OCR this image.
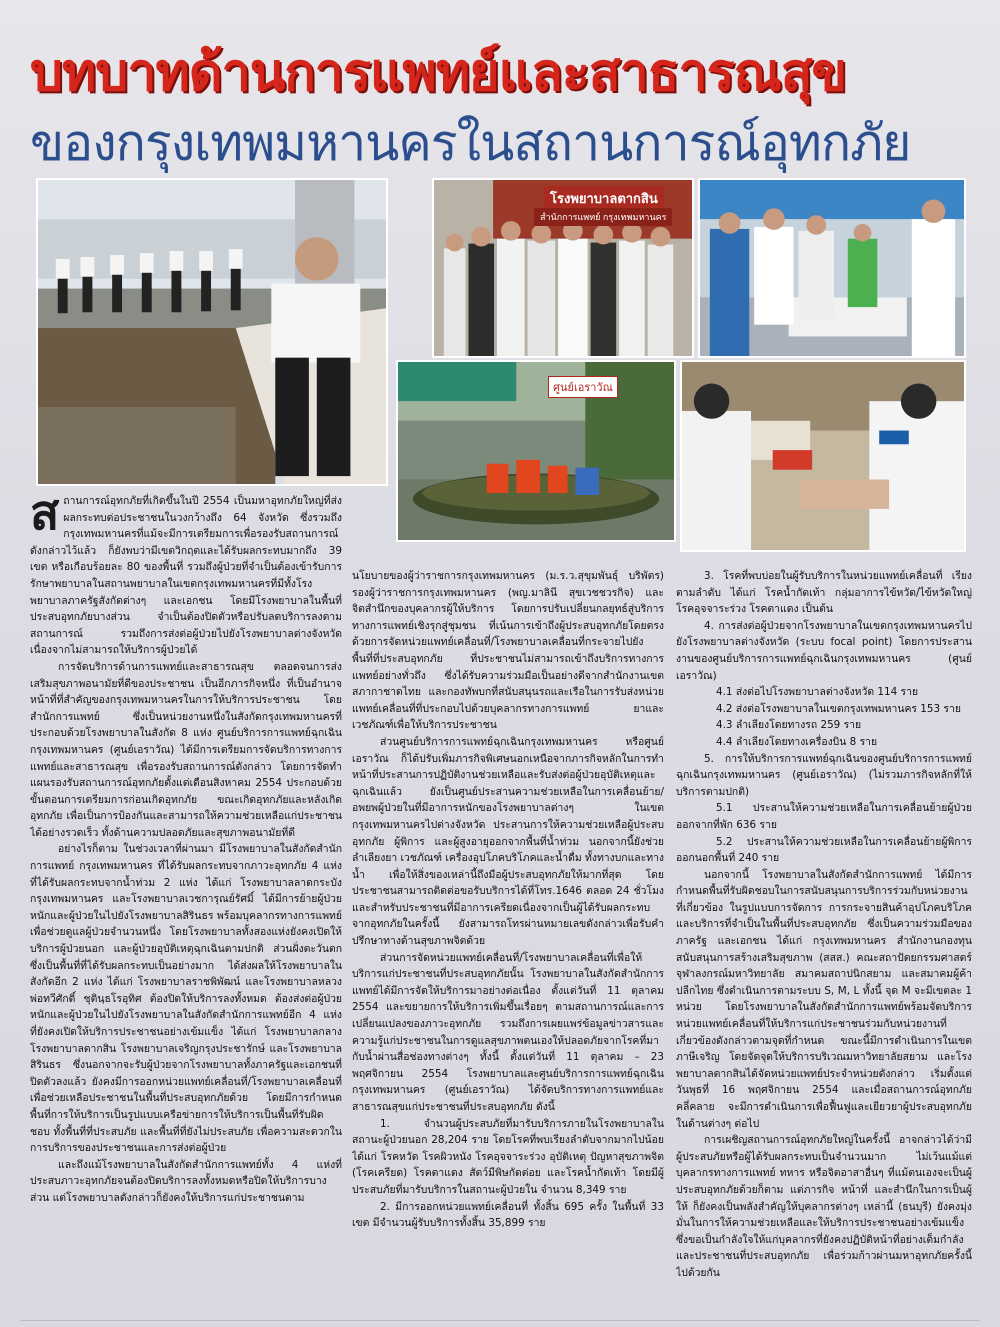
บทบาทด้านการแพทย์และสาธารณสุข
ของกรุงเทพมหานครในสถานการณ์อุทกภัย
โรงพยาบาลตากสิน
สำนักการแพทย์ กรุงเทพมหานคร
ศูนย์เอราวัณ

สถานการณ์อุทกภัยที่เกิดขึ้นในปี 2554 เป็นมหาอุทกภัยใหญ่ที่ส่งผลกระทบต่อประชาชนในวงกว้างถึง 64 จังหวัด ซึ่งรวมถึงกรุงเทพมหานครที่แม้จะมีการเตรียมการเพื่อรองรับสถานการณ์ดังกล่าวไว้แล้ว ก็ยังพบว่ามีเขตวิกฤตและได้รับผลกระทบมากถึง 39 เขต หรือเกือบร้อยละ 80 ของพื้นที่ รวมถึงผู้ป่วยที่จำเป็นต้องเข้ารับการรักษาพยาบาลในสถานพยาบาลในเขตกรุงเทพมหานครที่มีทั้งโรงพยาบาลภาครัฐสังกัดต่างๆ และเอกชน โดยมีโรงพยาบาลในพื้นที่ประสบอุทกภัยบางส่วน จำเป็นต้องปิดตัวหรือปรับลดบริการลงตามสถานการณ์ รวมถึงการส่งต่อผู้ป่วยไปยังโรงพยาบาลต่างจังหวัด เนื่องจากไม่สามารถให้บริการผู้ป่วยได้

การจัดบริการด้านการแพทย์และสาธารณสุข ตลอดจนการส่งเสริมสุขภาพอนามัยที่ดีของประชาชน เป็นอีกภารกิจหนึ่ง ที่เป็นอำนาจหน้าที่ที่สำคัญของกรุงเทพมหานครในการให้บริการประชาชน โดยสำนักการแพทย์ ซึ่งเป็นหน่วยงานหนึ่งในสังกัดกรุงเทพมหานครที่ประกอบด้วยโรงพยาบาลในสังกัด 8 แห่ง ศูนย์บริการการแพทย์ฉุกเฉินกรุงเทพมหานคร (ศูนย์เอราวัณ) ได้มีการเตรียมการจัดบริการทางการแพทย์และสาธารณสุข เพื่อรองรับสถานการณ์ดังกล่าว โดยการจัดทำแผนรองรับสถานการณ์อุทกภัยตั้งแต่เดือนสิงหาคม 2554 ประกอบด้วยขั้นตอนการเตรียมการก่อนเกิดอุทกภัย ขณะเกิดอุทกภัยและหลังเกิดอุทกภัย เพื่อเป็นการป้องกันและสามารถให้ความช่วยเหลือแก่ประชาชนได้อย่างรวดเร็ว ทั้งด้านความปลอดภัยและสุขภาพอนามัยที่ดี

อย่างไรก็ตาม ในช่วงเวลาที่ผ่านมา มีโรงพยาบาลในสังกัดสำนักการแพทย์ กรุงเทพมหานคร ที่ได้รับผลกระทบจากภาวะอุทกภัย 4 แห่ง ที่ได้รับผลกระทบจากน้ำท่วม 2 แห่ง ได้แก่ โรงพยาบาลลาดกระบังกรุงเทพมหานคร และโรงพยาบาลเวชการุณย์รัศมิ์ ได้มีการย้ายผู้ป่วยหนักและผู้ป่วยในไปยังโรงพยาบาลสิรินธร พร้อมบุคลากรทางการแพทย์เพื่อช่วยดูแลผู้ป่วยจำนวนหนึ่ง โดยโรงพยาบาลทั้งสองแห่งยังคงเปิดให้บริการผู้ป่วยนอก และผู้ป่วยอุบัติเหตุฉุกเฉินตามปกติ ส่วนฝั่งตะวันตก ซึ่งเป็นพื้นที่ที่ได้รับผลกระทบเป็นอย่างมาก ได้ส่งผลให้โรงพยาบาลในสังกัดอีก 2 แห่ง ได้แก่ โรงพยาบาลราชพิพัฒน์ และโรงพยาบาลหลวงพ่อทวีศักดิ์ ชุตินฺธโรอุทิศ ต้องปิดให้บริการลงทั้งหมด ต้องส่งต่อผู้ป่วยหนักและผู้ป่วยในไปยังโรงพยาบาลในสังกัดสำนักการแพทย์อีก 4 แห่ง ที่ยังคงเปิดให้บริการประชาชนอย่างเข้มแข็ง ได้แก่ โรงพยาบาลกลาง โรงพยาบาลตากสิน โรงพยาบาลเจริญกรุงประชารักษ์ และโรงพยาบาลสิรินธร ซึ่งนอกจากจะรับผู้ป่วยจากโรงพยาบาลทั้งภาครัฐและเอกชนที่ปิดตัวลงแล้ว ยังคงมีการออกหน่วยแพทย์เคลื่อนที่/โรงพยาบาลเคลื่อนที่ เพื่อช่วยเหลือประชาชนในพื้นที่ประสบอุทกภัยด้วย โดยมีการกำหนดพื้นที่การให้บริการเป็นรูปแบบเครือข่ายการให้บริการเป็นพื้นที่รับผิดชอบ ทั้งพื้นที่ที่ประสบภัย และพื้นที่ที่ยังไม่ประสบภัย เพื่อความสะดวกในการบริการของประชาชนและการส่งต่อผู้ป่วย

และถึงแม้โรงพยาบาลในสังกัดสำนักการแพทย์ทั้ง 4 แห่งที่ประสบภาวะอุทกภัยจนต้องปิดบริการลงทั้งหมดหรือปิดให้บริการบางส่วน แต่โรงพยาบาลดังกล่าวก็ยังคงให้บริการแก่ประชาชนตาม

นโยบายของผู้ว่าราชการกรุงเทพมหานคร (ม.ร.ว.สุขุมพันธุ์ บริพัตร) รองผู้ว่าราชการกรุงเทพมหานคร (พญ.มาลินี สุขเวชชวรกิจ) และจิตสำนึกของบุคลากรผู้ให้บริการ โดยการปรับเปลี่ยนกลยุทธ์สู่บริการทางการแพทย์เชิงรุกสู่ชุมชน ที่เน้นการเข้าถึงผู้ประสบอุทกภัยโดยตรงด้วยการจัดหน่วยแพทย์เคลื่อนที่/โรงพยาบาลเคลื่อนที่กระจายไปยังพื้นที่ที่ประสบอุทกภัย ที่ประชาชนไม่สามารถเข้าถึงบริการทางการแพทย์อย่างทั่วถึง ซึ่งได้รับความร่วมมือเป็นอย่างดีจากสำนักงานเขต สภากาชาดไทย และกองทัพบกที่สนับสนุนรถและเรือในการรับส่งหน่วยแพทย์เคลื่อนที่ที่ประกอบไปด้วยบุคลากรทางการแพทย์ ยาและเวชภัณฑ์เพื่อให้บริการประชาชน

ส่วนศูนย์บริการการแพทย์ฉุกเฉินกรุงเทพมหานคร หรือศูนย์เอราวัณ ก็ได้ปรับเพิ่มภารกิจพิเศษนอกเหนือจากภารกิจหลักในการทำหน้าที่ประสานการปฏิบัติงานช่วยเหลือและรับส่งต่อผู้ป่วยอุบัติเหตุและฉุกเฉินแล้ว ยังเป็นศูนย์ประสานความช่วยเหลือในการเคลื่อนย้าย/อพยพผู้ป่วยในที่มีอาการหนักของโรงพยาบาลต่างๆ ในเขตกรุงเทพมหานครไปต่างจังหวัด ประสานการให้ความช่วยเหลือผู้ประสบอุทกภัย ผู้พิการ และผู้สูงอายุออกจากพื้นที่น้ำท่วม นอกจากนี้ยังช่วยลำเลียงยา เวชภัณฑ์ เครื่องอุปโภคบริโภคและน้ำดื่ม ทั้งทางบกและทางน้ำ เพื่อให้สิ่งของเหล่านี้ถึงมือผู้ประสบอุทกภัยให้มากที่สุด โดยประชาชนสามารถติดต่อขอรับบริการได้ที่โทร.1646 ตลอด 24 ชั่วโมง และสำหรับประชาชนที่มีอาการเครียดเนื่องจากเป็นผู้ได้รับผลกระทบจากอุทกภัยในครั้งนี้ ยังสามารถโทรผ่านหมายเลขดังกล่าวเพื่อรับคำปรึกษาทางด้านสุขภาพจิตด้วย

ส่วนการจัดหน่วยแพทย์เคลื่อนที่/โรงพยาบาลเคลื่อนที่เพื่อให้บริการแก่ประชาชนที่ประสบอุทกภัยนั้น โรงพยาบาลในสังกัดสำนักการแพทย์ได้มีการจัดให้บริการมาอย่างต่อเนื่อง ตั้งแต่วันที่ 11 ตุลาคม 2554 และขยายการให้บริการเพิ่มขึ้นเรื่อยๆ ตามสถานการณ์และการเปลี่ยนแปลงของภาวะอุทกภัย รวมถึงการเผยแพร่ข้อมูลข่าวสารและความรู้แก่ประชาชนในการดูแลสุขภาพตนเองให้ปลอดภัยจากโรคที่มากับน้ำผ่านสื่อช่องทางต่างๆ ทั้งนี้ ตั้งแต่วันที่ 11 ตุลาคม – 23 พฤศจิกายน 2554 โรงพยาบาลและศูนย์บริการการแพทย์ฉุกเฉินกรุงเทพมหานคร (ศูนย์เอราวัณ) ได้จัดบริการทางการแพทย์และสาธารณสุขแก่ประชาชนที่ประสบอุทกภัย ดังนี้

1. จำนวนผู้ประสบภัยที่มารับบริการภายในโรงพยาบาลในสถานะผู้ป่วยนอก 28,204 ราย โดยโรคที่พบเรียงลำดับจากมากไปน้อย ได้แก่ โรคหวัด โรคผิวหนัง โรคอุจจาระร่วง อุบัติเหตุ ปัญหาสุขภาพจิต (โรคเครียด) โรคตาแดง สัตว์มีพิษกัดต่อย และโรคน้ำกัดเท้า โดยมีผู้ประสบภัยที่มารับบริการในสถานะผู้ป่วยใน จำนวน 8,349 ราย

2. มีการออกหน่วยแพทย์เคลื่อนที่ ทั้งสิ้น 695 ครั้ง ในพื้นที่ 33 เขต มีจำนวนผู้รับบริการทั้งสิ้น 35,899 ราย

3. โรคที่พบบ่อยในผู้รับบริการในหน่วยแพทย์เคลื่อนที่ เรียงตามลำดับ ได้แก่ โรคน้ำกัดเท้า กลุ่มอาการไข้หวัด/ไข้หวัดใหญ่ โรคอุจจาระร่วง โรคตาแดง เป็นต้น

4. การส่งต่อผู้ป่วยจากโรงพยาบาลในเขตกรุงเทพมหานครไปยังโรงพยาบาลต่างจังหวัด (ระบบ focal point) โดยการประสานงานของศูนย์บริการการแพทย์ฉุกเฉินกรุงเทพมหานคร (ศูนย์เอราวัณ)

4.1 ส่งต่อไปโรงพยาบาลต่างจังหวัด 114 ราย

4.2 ส่งต่อโรงพยาบาลในเขตกรุงเทพมหานคร 153 ราย

4.3 ลำเลียงโดยทางรถ 259 ราย

4.4 ลำเลียงโดยทางเครื่องบิน 8 ราย

5. การให้บริการการแพทย์ฉุกเฉินของศูนย์บริการการแพทย์ฉุกเฉินกรุงเทพมหานคร (ศูนย์เอราวัณ) (ไม่รวมภารกิจหลักที่ให้บริการตามปกติ)

5.1 ประสานให้ความช่วยเหลือในการเคลื่อนย้ายผู้ป่วยออกจากที่พัก 636 ราย

5.2 ประสานให้ความช่วยเหลือในการเคลื่อนย้ายผู้พิการออกนอกพื้นที่ 240 ราย

นอกจากนี้ โรงพยาบาลในสังกัดสำนักการแพทย์ ได้มีการกำหนดพื้นที่รับผิดชอบในการสนับสนุนการบริการร่วมกับหน่วยงานที่เกี่ยวข้อง ในรูปแบบการจัดการ การกระจายสินค้าอุปโภคบริโภคและบริการที่จำเป็นในพื้นที่ประสบอุทกภัย ซึ่งเป็นความร่วมมือของภาครัฐ และเอกชน ได้แก่ กรุงเทพมหานคร สำนักงานกองทุนสนับสนุนการสร้างเสริมสุขภาพ (สสส.) คณะสถาปัตยกรรมศาสตร์ จุฬาลงกรณ์มหาวิทยาลัย สมาคมสถาปนิกสยาม และสมาคมผู้ค้าปลีกไทย ซึ่งดำเนินการตามระบบ S, M, L ทั้งนี้ จุด M จะมีเขตละ 1 หน่วย โดยโรงพยาบาลในสังกัดสำนักการแพทย์พร้อมจัดบริการหน่วยแพทย์เคลื่อนที่ให้บริการแก่ประชาชนร่วมกับหน่วยงานที่เกี่ยวข้องดังกล่าวตามจุดที่กำหนด ขณะนี้มีการดำเนินการในเขตภาษีเจริญ โดยจัดจุดให้บริการบริเวณมหาวิทยาลัยสยาม และโรงพยาบาลตากสินได้จัดหน่วยแพทย์ประจำหน่วยดังกล่าว เริ่มตั้งแต่วันพุธที่ 16 พฤศจิกายน 2554 และเมื่อสถานการณ์อุทกภัยคลี่คลาย จะมีการดำเนินการเพื่อฟื้นฟูและเยียวยาผู้ประสบอุทกภัยในด้านต่างๆ ต่อไป

การเผชิญสถานการณ์อุทกภัยใหญ่ในครั้งนี้ อาจกล่าวได้ว่ามีผู้ประสบภัยหรือผู้ได้รับผลกระทบเป็นจำนวนมาก ไม่เว้นแม้แต่บุคลากรทางการแพทย์ ทหาร หรือจิตอาสาอื่นๆ ที่แม้ตนเองจะเป็นผู้ประสบอุทกภัยด้วยก็ตาม แต่ภารกิจ หน้าที่ และสำนึกในการเป็นผู้ให้ ก็ยังคงเป็นพลังสำคัญให้บุคลากรต่างๆ เหล่านี้ (ธนบุรี) ยังคงมุ่งมั่นในการให้ความช่วยเหลือและให้บริการประชาชนอย่างเข้มแข็ง ซึ่งขอเป็นกำลังใจให้แก่บุคลากรที่ยังคงปฏิบัติหน้าที่อย่างเต็มกำลัง และประชาชนที่ประสบอุทกภัย เพื่อร่วมก้าวผ่านมหาอุทกภัยครั้งนี้ไปด้วยกัน
